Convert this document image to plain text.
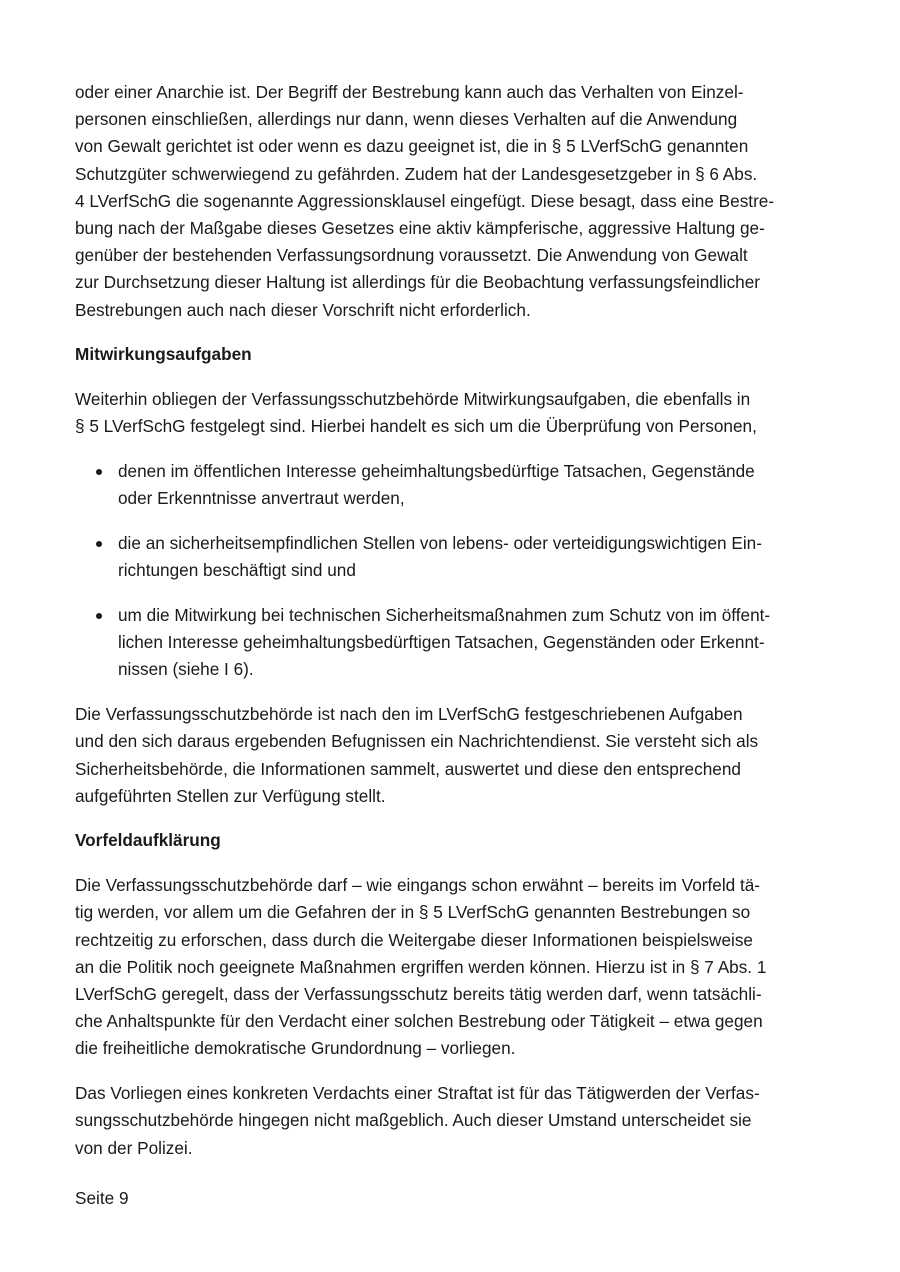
oder einer Anarchie ist. Der Begriff der Bestrebung kann auch das Verhalten von Einzel-
personen einschließen, allerdings nur dann, wenn dieses Verhalten auf die Anwendung
von Gewalt gerichtet ist oder wenn es dazu geeignet ist, die in § 5 LVerfSchG genannten
Schutzgüter schwerwiegend zu gefährden. Zudem hat der Landesgesetzgeber in § 6 Abs.
4 LVerfSchG die sogenannte Aggressionsklausel eingefügt. Diese besagt, dass eine Bestre-
bung nach der Maßgabe dieses Gesetzes eine aktiv kämpferische, aggressive Haltung ge-
genüber der bestehenden Verfassungsordnung voraussetzt. Die Anwendung von Gewalt
zur Durchsetzung dieser Haltung ist allerdings für die Beobachtung verfassungsfeindlicher
Bestrebungen auch nach dieser Vorschrift nicht erforderlich.

Mitwirkungsaufgaben

Weiterhin obliegen der Verfassungsschutzbehörde Mitwirkungsaufgaben, die ebenfalls in
§ 5 LVerfSchG festgelegt sind. Hierbei handelt es sich um die Überprüfung von Personen,

denen im öffentlichen Interesse geheimhaltungsbedürftige Tatsachen, Gegenstände
oder Erkenntnisse anvertraut werden,
die an sicherheitsempfindlichen Stellen von lebens- oder verteidigungswichtigen Ein-
richtungen beschäftigt sind und
um die Mitwirkung bei technischen Sicherheitsmaßnahmen zum Schutz von im öffent-
lichen Interesse geheimhaltungsbedürftigen Tatsachen, Gegenständen oder Erkennt-
nissen (siehe I 6).

Die Verfassungsschutzbehörde ist nach den im LVerfSchG festgeschriebenen Aufgaben
und den sich daraus ergebenden Befugnissen ein Nachrichtendienst. Sie versteht sich als
Sicherheitsbehörde, die Informationen sammelt, auswertet und diese den entsprechend
aufgeführten Stellen zur Verfügung stellt.

Vorfeldaufklärung

Die Verfassungsschutzbehörde darf – wie eingangs schon erwähnt – bereits im Vorfeld tä-
tig werden, vor allem um die Gefahren der in § 5 LVerfSchG genannten Bestrebungen so
rechtzeitig zu erforschen, dass durch die Weitergabe dieser Informationen beispielsweise
an die Politik noch geeignete Maßnahmen ergriffen werden können. Hierzu ist in § 7 Abs. 1
LVerfSchG geregelt, dass der Verfassungsschutz bereits tätig werden darf, wenn tatsächli-
che Anhaltspunkte für den Verdacht einer solchen Bestrebung oder Tätigkeit – etwa gegen
die freiheitliche demokratische Grundordnung – vorliegen.

Das Vorliegen eines konkreten Verdachts einer Straftat ist für das Tätigwerden der Verfas-
sungsschutzbehörde hingegen nicht maßgeblich. Auch dieser Umstand unterscheidet sie
von der Polizei.

Seite 9
